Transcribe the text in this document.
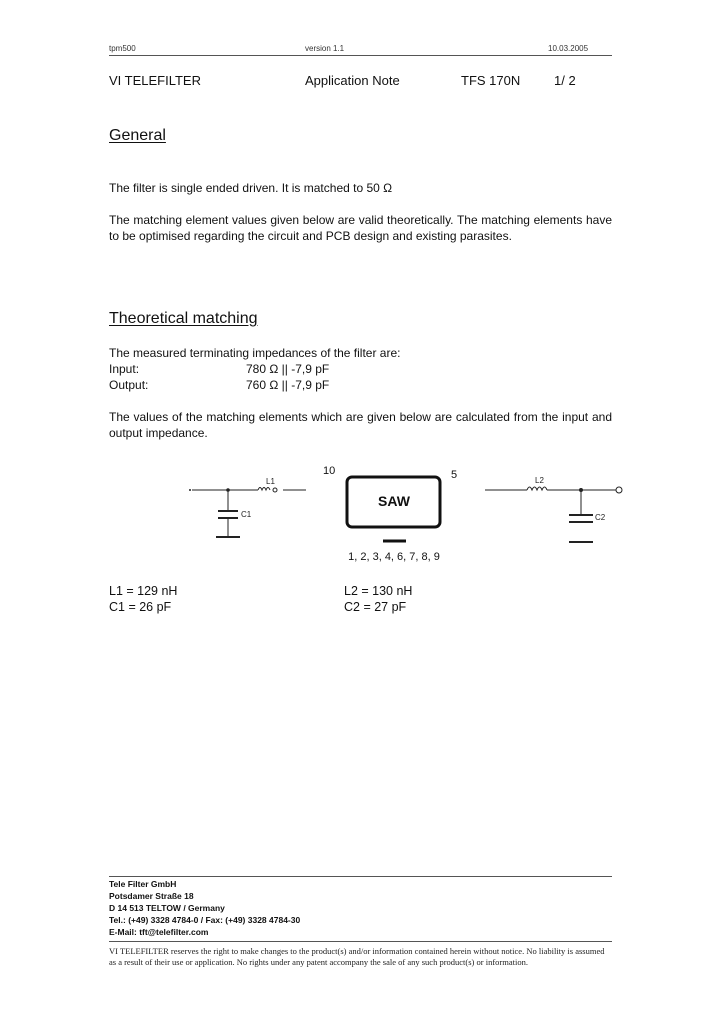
tpm500	version 1.1	10.03.2005
VI TELEFILTER	Application Note	TFS 170N	1/ 2
General
The filter is single ended driven. It is matched to 50 Ω
The matching element values given below are valid theoretically. The matching elements have to be optimised regarding the circuit and PCB design and existing parasites.
Theoretical matching
The measured terminating impedances of the filter are:
Input:	780 Ω || -7,9 pF
Output:	760 Ω || -7,9 pF
The values of the matching elements which are given below are calculated from the input and output impedance.
C1
L1
SAW
10	5
1, 2, 3, 4, 6, 7, 8, 9
L2
C2
L1 = 129 nH
C1 = 26 pF
L2 = 130 nH
C2 = 27 pF
Tele Filter GmbH
Potsdamer Straße 18
D 14 513 TELTOW / Germany
Tel.: (+49) 3328 4784-0 / Fax: (+49) 3328 4784-30
E-Mail: tft@telefilter.com
VI TELEFILTER reserves the right to make changes to the product(s) and/or information contained herein without notice. No liability is assumed as a result of their use or application. No rights under any patent accompany the sale of any such product(s) or information.
